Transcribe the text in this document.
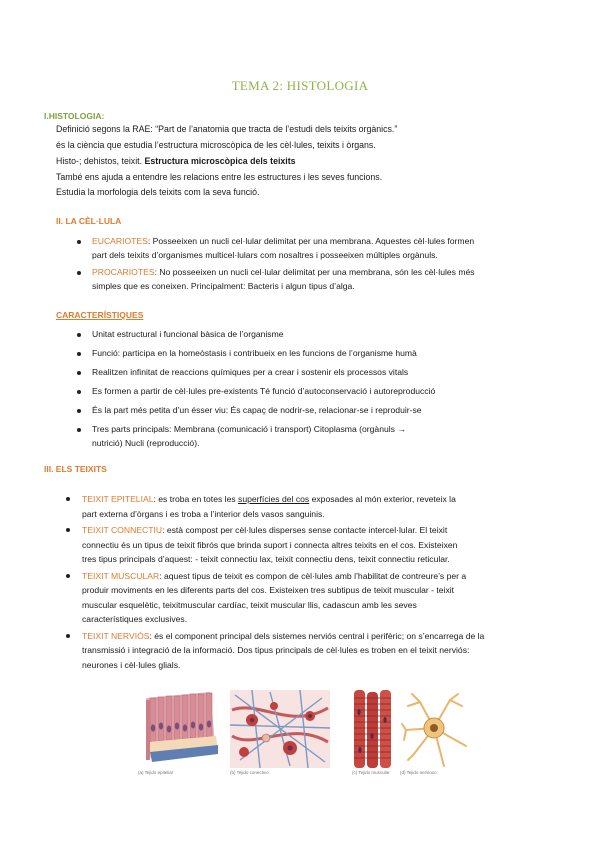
TEMA 2: HISTOLOGIA
I.HISTOLOGIA:
Definició segons la RAE: “Part de l’anatomia que tracta de l’estudi dels teixits orgànics.”
és la ciència que estudia l’estructura microscòpica de les cèl·lules, teixits i òrgans.
Histo-; dehistos, teixit. Estructura microscòpica dels teixits
També ens ajuda a entendre les relacions entre les estructures i les seves funcions.
Estudia la morfologia dels teixits com la seva funció.
II. LA CÈL·LULA
EUCARIOTES: Posseeixen un nucli cel·lular delimitat per una membrana. Aquestes cèl·lules formen
part dels teixits d’organismes multicel·lulars com nosaltres i posseeixen múltiples orgànuls.
PROCARIOTES: No posseeixen un nucli cel·lular delimitat per una membrana, són les cèl·lules més
simples que es coneixen. Principalment: Bacteris i algun tipus d’alga.
CARACTERÍSTIQUES
Unitat estructural i funcional bàsica de l’organisme
Funció: participa en la homeòstasis i contribueix en les funcions de l’organisme humà
Realitzen infinitat de reaccions químiques per a crear i sostenir els processos vitals
Es formen a partir de cèl·lules pre-existents Té funció d’autoconservació i autoreproducció
És la part més petita d’un ésser viu: És capaç de nodrir-se, relacionar-se i reproduir-se
Tres parts principals: Membrana (comunicació i transport) Citoplasma (orgànuls →
nutrició) Nucli (reproducció).
III. ELS TEIXITS
TEIXIT EPITELIAL: es troba en totes les superfícies del cos exposades al món exterior, reveteix la
part externa d’òrgans i es troba a l’interior dels vasos sanguinis.
TEIXIT CONNECTIU: està compost per cèl·lules disperses sense contacte intercel·lular. El teixit
connectiu és un tipus de teixit fibrós que brinda suport i connecta altres teixits en el cos. Existeixen
tres tipus principals d’aquest: - teixit connectiu lax, teixit connectiu dens, teixit connectiu reticular.
TEIXIT MUSCULAR: aquest tipus de teixit es compon de cèl·lules amb l’habilitat de contreure’s per a
produir moviments en les diferents parts del cos. Existeixen tres subtipus de teixit muscular - teixit
muscular esquelètic, teixitmuscular cardíac, teixit muscular llis, cadascun amb les seves
característiques exclusives.
TEIXIT NERVIÓS: és el component principal dels sistemes nerviós central i perifèric; on s’encarrega de la
transmissió i integració de la informació. Dos tipus principals de cèl·lules es troben en el teixit nerviós:
neurones i cèl·lules glials.
(a) Tejido epitelial	(b) Tejido conectivo	(c) Tejido muscular (d) Tejido nervioso
